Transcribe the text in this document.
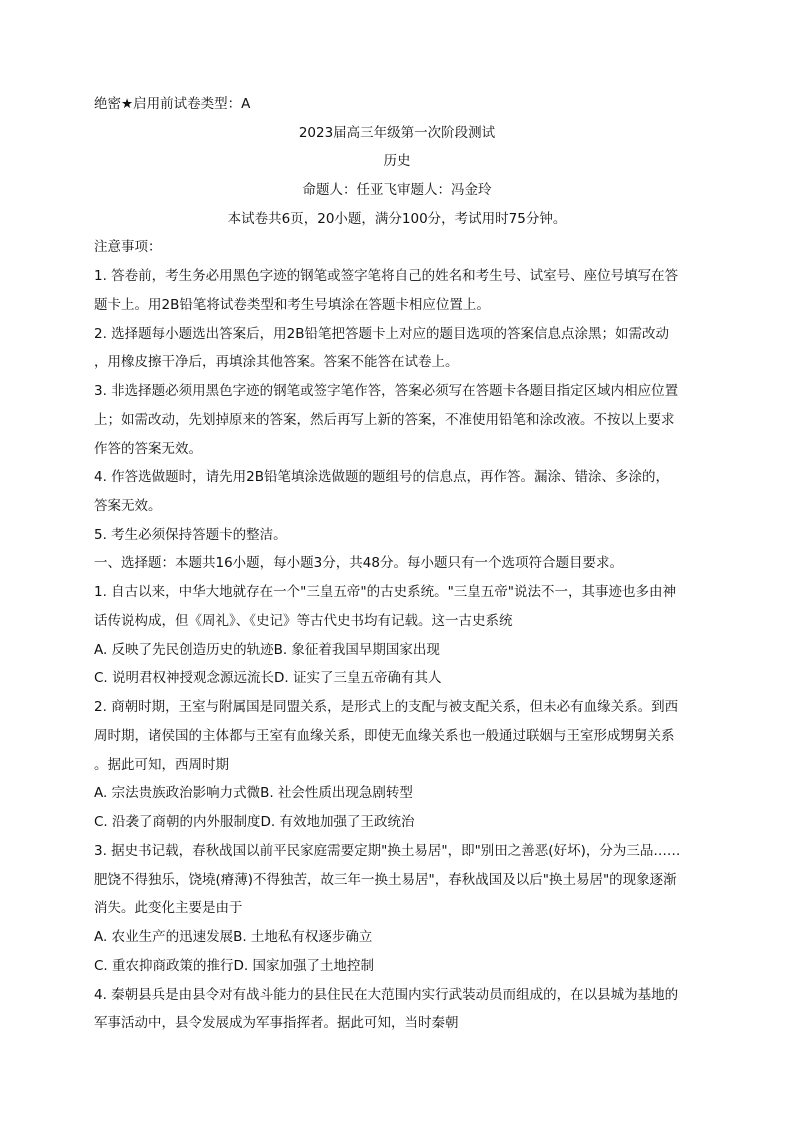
绝密★启用前试卷类型：A
2023届高三年级第一次阶段测试
历史
命题人：任亚飞审题人：冯金玲
本试卷共6页，20小题，满分100分，考试用时75分钟。
注意事项：
1. 答卷前，考生务必用黑色字迹的钢笔或签字笔将自己的姓名和考生号、试室号、座位号填写在答
题卡上。用2B铅笔将试卷类型和考生号填涂在答题卡相应位置上。
2. 选择题每小题选出答案后，用2B铅笔把答题卡上对应的题目选项的答案信息点涂黑；如需改动
，用橡皮擦干净后，再填涂其他答案。答案不能答在试卷上。
3. 非选择题必须用黑色字迹的钢笔或签字笔作答，答案必须写在答题卡各题目指定区域内相应位置
上；如需改动，先划掉原来的答案，然后再写上新的答案，不准使用铅笔和涂改液。不按以上要求
作答的答案无效。
4. 作答选做题时，请先用2B铅笔填涂选做题的题组号的信息点，再作答。漏涂、错涂、多涂的，
答案无效。
5. 考生必须保持答题卡的整洁。
一、选择题：本题共16小题，每小题3分，共48分。每小题只有一个选项符合题目要求。
1. 自古以来，中华大地就存在一个"三皇五帝"的古史系统。"三皇五帝"说法不一，其事迹也多由神
话传说构成，但《周礼》、《史记》等古代史书均有记载。这一古史系统
A. 反映了先民创造历史的轨迹B. 象征着我国早期国家出现
C. 说明君权神授观念源远流长D. 证实了三皇五帝确有其人
2. 商朝时期，王室与附属国是同盟关系，是形式上的支配与被支配关系，但未必有血缘关系。到西
周时期，诸侯国的主体都与王室有血缘关系，即使无血缘关系也一般通过联姻与王室形成甥舅关系
。据此可知，西周时期
A. 宗法贵族政治影响力式微B. 社会性质出现急剧转型
C. 沿袭了商朝的内外服制度D. 有效地加强了王政统治
3. 据史书记载，春秋战国以前平民家庭需要定期"换土易居"，即"别田之善恶(好坏)，分为三品……
肥饶不得独乐，饶墝(瘠薄)不得独苦，故三年一换土易居"，春秋战国及以后"换土易居"的现象逐渐
消失。此变化主要是由于
A. 农业生产的迅速发展B. 土地私有权逐步确立
C. 重农抑商政策的推行D. 国家加强了土地控制
4. 秦朝县兵是由县令对有战斗能力的县住民在大范围内实行武装动员而组成的，在以县城为基地的
军事活动中，县令发展成为军事指挥者。据此可知，当时秦朝
